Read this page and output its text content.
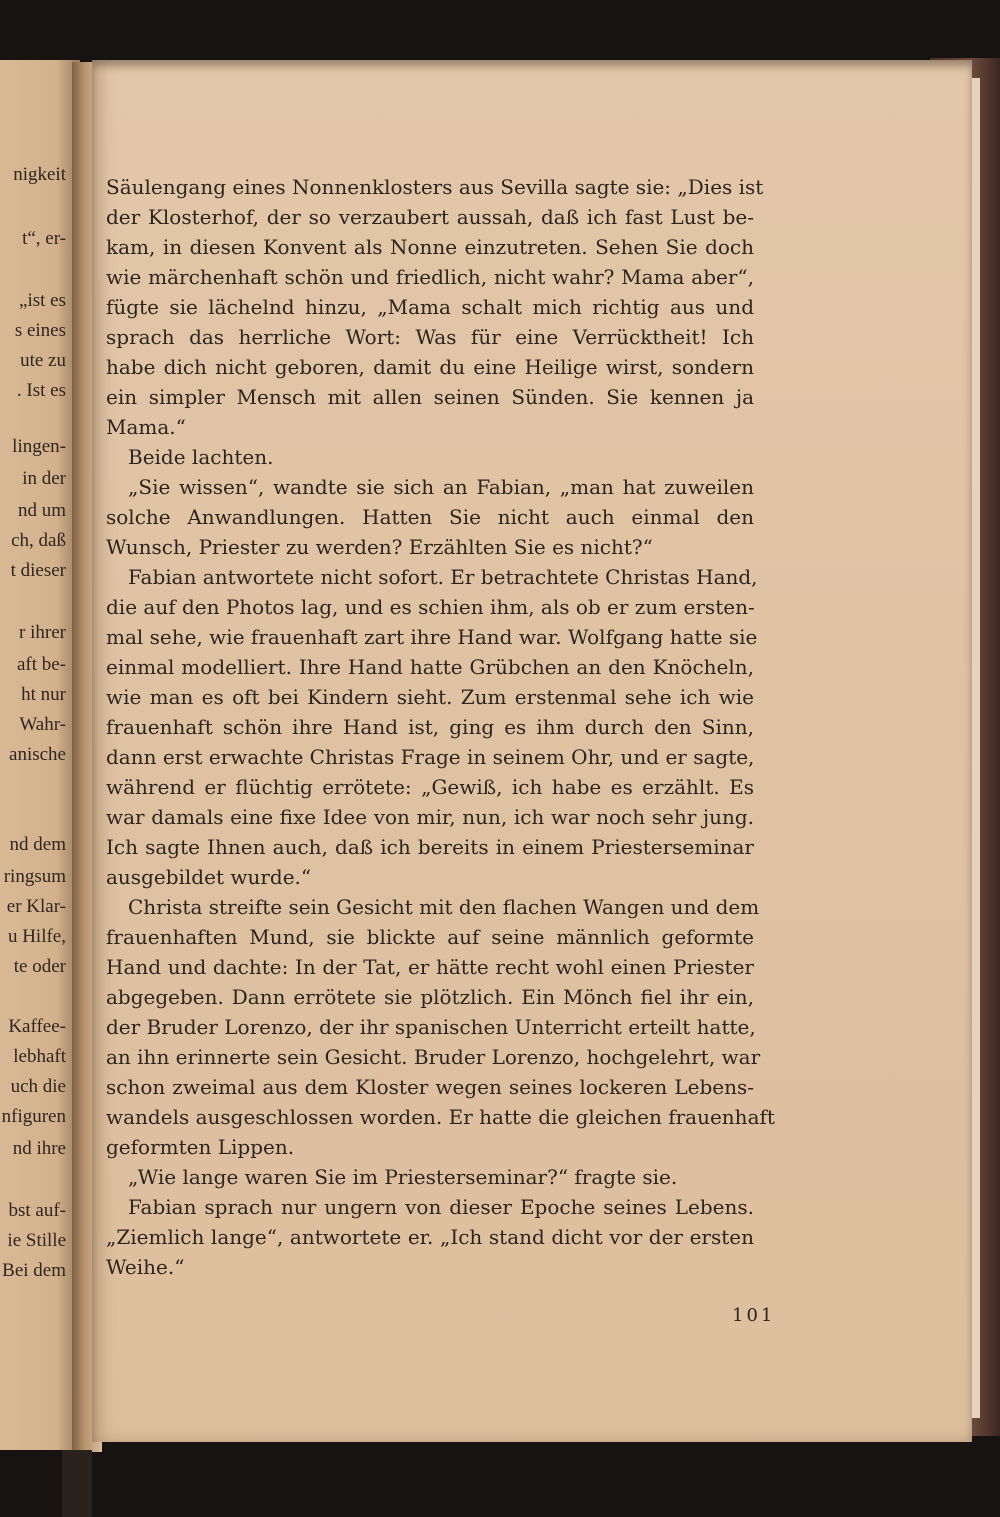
nigkeit
t“, er-
„ist es
s eines
ute zu
. Ist es
lingen-
in der
nd um
ch, daß
t dieser
r ihrer
aft be-
ht nur
Wahr-
anische
nd dem
ringsum
er Klar-
u Hilfe,
te oder
Kaffee-
lebhaft
uch die
nfiguren
nd ihre
bst auf-
ie Stille
Bei dem
Säulengang eines Nonnenklosters aus Sevilla sagte sie: „Dies ist
der Klosterhof, der so verzaubert aussah, daß ich fast Lust be-
kam, in diesen Konvent als Nonne einzutreten. Sehen Sie doch
wie märchenhaft schön und friedlich, nicht wahr? Mama aber“,
fügte sie lächelnd hinzu, „Mama schalt mich richtig aus und
sprach das herrliche Wort: Was für eine Verrücktheit! Ich
habe dich nicht geboren, damit du eine Heilige wirst, sondern
ein simpler Mensch mit allen seinen Sünden. Sie kennen ja
Mama.“
Beide lachten.
„Sie wissen“, wandte sie sich an Fabian, „man hat zuweilen
solche Anwandlungen. Hatten Sie nicht auch einmal den
Wunsch, Priester zu werden? Erzählten Sie es nicht?“
Fabian antwortete nicht sofort. Er betrachtete Christas Hand,
die auf den Photos lag, und es schien ihm, als ob er zum ersten-
mal sehe, wie frauenhaft zart ihre Hand war. Wolfgang hatte sie
einmal modelliert. Ihre Hand hatte Grübchen an den Knöcheln,
wie man es oft bei Kindern sieht. Zum erstenmal sehe ich wie
frauenhaft schön ihre Hand ist, ging es ihm durch den Sinn,
dann erst erwachte Christas Frage in seinem Ohr, und er sagte,
während er flüchtig errötete: „Gewiß, ich habe es erzählt. Es
war damals eine fixe Idee von mir, nun, ich war noch sehr jung.
Ich sagte Ihnen auch, daß ich bereits in einem Priesterseminar
ausgebildet wurde.“
Christa streifte sein Gesicht mit den flachen Wangen und dem
frauenhaften Mund, sie blickte auf seine männlich geformte
Hand und dachte: In der Tat, er hätte recht wohl einen Priester
abgegeben. Dann errötete sie plötzlich. Ein Mönch fiel ihr ein,
der Bruder Lorenzo, der ihr spanischen Unterricht erteilt hatte,
an ihn erinnerte sein Gesicht. Bruder Lorenzo, hochgelehrt, war
schon zweimal aus dem Kloster wegen seines lockeren Lebens-
wandels ausgeschlossen worden. Er hatte die gleichen frauenhaft
geformten Lippen.
„Wie lange waren Sie im Priesterseminar?“ fragte sie.
Fabian sprach nur ungern von dieser Epoche seines Lebens.
„Ziemlich lange“, antwortete er. „Ich stand dicht vor der ersten
Weihe.“
101
